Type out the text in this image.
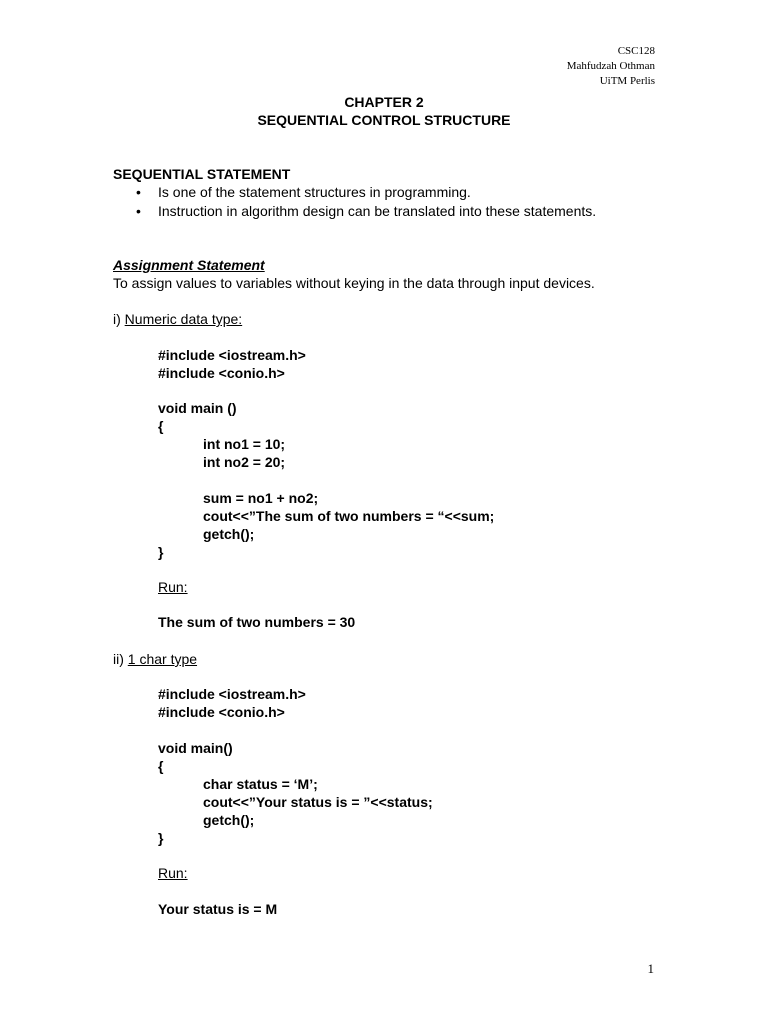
CSC128
Mahfudzah Othman
UiTM Perlis
CHAPTER 2
SEQUENTIAL CONTROL STRUCTURE
SEQUENTIAL STATEMENT
• Is one of the statement structures in programming.
• Instruction in algorithm design can be translated into these statements.
Assignment Statement
To assign values to variables without keying in the data through input devices.
i) Numeric data type:
#include <iostream.h>
#include <conio.h>
void main ()
{
int no1 = 10;
int no2 = 20;
sum = no1 + no2;
cout<<”The sum of two numbers = “<<sum;
getch();
}
Run:
The sum of two numbers = 30
ii) 1 char type
#include <iostream.h>
#include <conio.h>
void main()
{
char status = ‘M’;
cout<<”Your status is = ”<<status;
getch();
}
Run:
Your status is = M
1
